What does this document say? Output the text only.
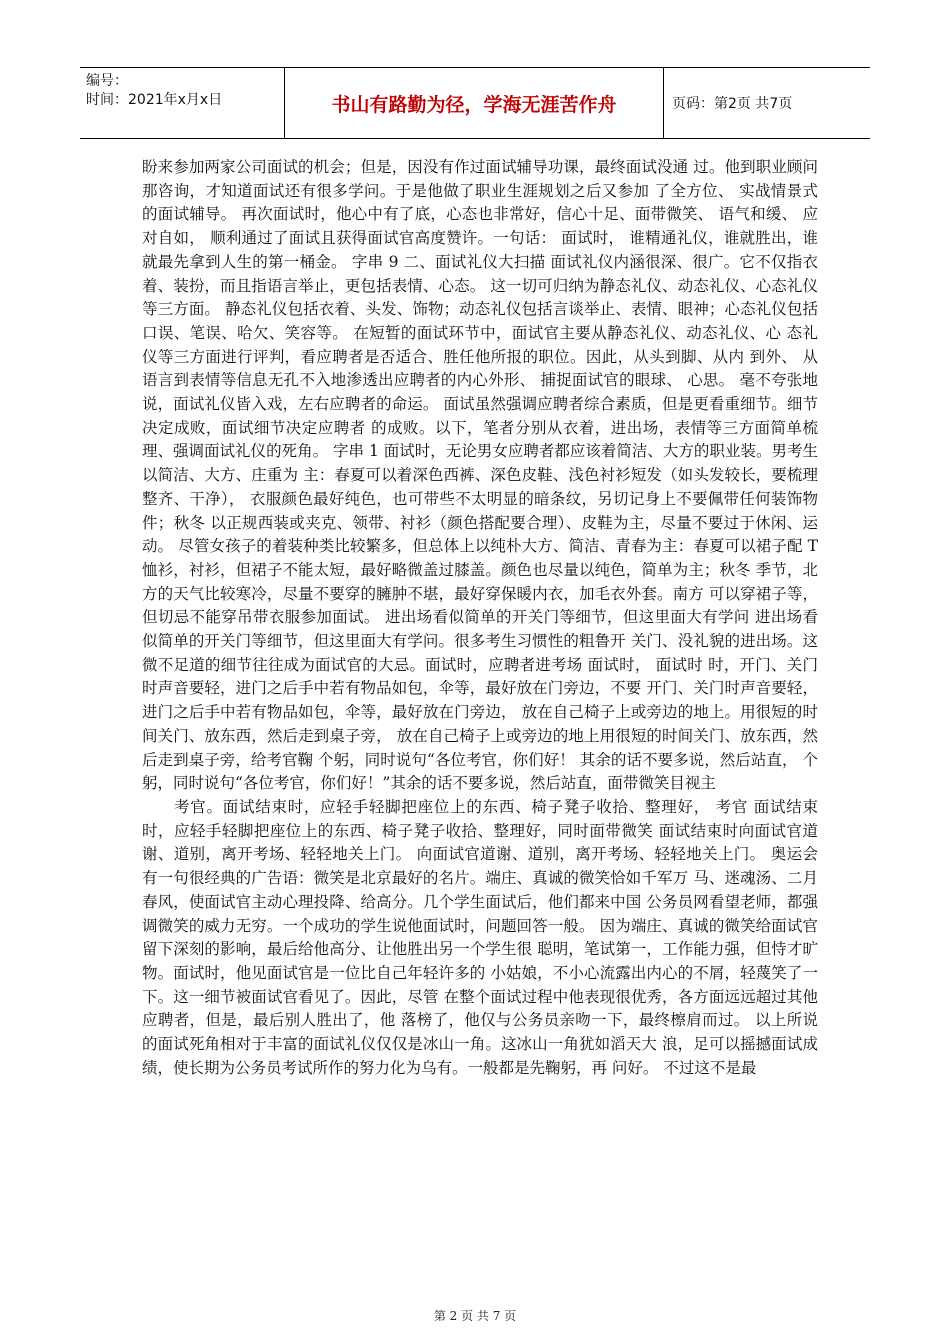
编号：
时间：2021年x月x日	书山有路勤为径，学海无涯苦作舟	页码：第2页 共7页

盼来参加两家公司面试的机会；但是，因没有作过面试辅导功课，最终面试没通 过。他到职业顾问那咨询，才知道面试还有很多学问。于是他做了职业生涯规划之后又参加 了全方位、 实战情景式的面试辅导。 再次面试时，他心中有了底，心态也非常好，信心十足、面带微笑、 语气和缓、 应对自如， 顺利通过了面试且获得面试官高度赞许。一句话： 面试时， 谁精通礼仪，谁就胜出，谁就最先拿到人生的第一桶金。 字串 9 二、面试礼仪大扫描 面试礼仪内涵很深、很广。它不仅指衣着、装扮，而且指语言举止，更包括表情、心态。 这一切可归纳为静态礼仪、动态礼仪、心态礼仪等三方面。 静态礼仪包括衣着、头发、饰物；动态礼仪包括言谈举止、表情、眼神；心态礼仪包括 口误、笔误、哈欠、笑容等。 在短暂的面试环节中，面试官主要从静态礼仪、动态礼仪、心 态礼仪等三方面进行评判，看应聘者是否适合、胜任他所报的职位。因此，从头到脚、从内 到外、 从语言到表情等信息无孔不入地渗透出应聘者的内心外形、 捕捉面试官的眼球、 心思。 毫不夸张地说，面试礼仪皆入戏，左右应聘者的命运。 面试虽然强调应聘者综合素质，但是更看重细节。细节决定成败，面试细节决定应聘者 的成败。以下，笔者分别从衣着，进出场，表情等三方面简单梳理、强调面试礼仪的死角。 字串 1 面试时，无论男女应聘者都应该着简洁、大方的职业装。男考生以简洁、大方、庄重为 主：春夏可以着深色西裤、深色皮鞋、浅色衬衫短发（如头发较长，要梳理整齐、干净）， 衣服颜色最好纯色，也可带些不太明显的暗条纹，另切记身上不要佩带任何装饰物件；秋冬 以正规西装或夹克、领带、衬衫（颜色搭配要合理）、皮鞋为主，尽量不要过于休闲、运动。 尽管女孩子的着装种类比较繁多，但总体上以纯朴大方、简洁、青春为主：春夏可以裙子配 T 恤衫，衬衫，但裙子不能太短，最好略微盖过膝盖。颜色也尽量以纯色，简单为主；秋冬 季节，北方的天气比较寒冷，尽量不要穿的臃肿不堪，最好穿保暖内衣，加毛衣外套。南方 可以穿裙子等，但切忌不能穿吊带衣服参加面试。 进出场看似简单的开关门等细节，但这里面大有学问 进出场看似简单的开关门等细节，但这里面大有学问。很多考生习惯性的粗鲁开 关门、没礼貌的进出场。这微不足道的细节往往成为面试官的大忌。面试时，应聘者进考场 面试时， 面试时 时，开门、关门时声音要轻，进门之后手中若有物品如包，伞等，最好放在门旁边，不要 开门、关门时声音要轻，进门之后手中若有物品如包，伞等，最好放在门旁边， 放在自己椅子上或旁边的地上。用很短的时间关门、放东西，然后走到桌子旁， 放在自己椅子上或旁边的地上用很短的时间关门、放东西，然后走到桌子旁，给考官鞠 个躬，同时说句“各位考官，你们好！ 其余的话不要多说，然后站直， 个躬，同时说句“各位考官，你们好！”其余的话不要多说，然后站直，面带微笑目视主

考官。面试结束时，应轻手轻脚把座位上的东西、椅子凳子收拾、整理好， 考官 面试结束时，应轻手轻脚把座位上的东西、椅子凳子收拾、整理好，同时面带微笑 面试结束时向面试官道谢、道别，离开考场、轻轻地关上门。 向面试官道谢、道别，离开考场、轻轻地关上门。 奥运会有一句很经典的广告语：微笑是北京最好的名片。端庄、真诚的微笑恰如千军万 马、迷魂汤、二月春风，使面试官主动心理投降、给高分。几个学生面试后，他们都来中国 公务员网看望老师，都强调微笑的威力无穷。一个成功的学生说他面试时，问题回答一般。 因为端庄、真诚的微笑给面试官留下深刻的影响，最后给他高分、让他胜出另一个学生很 聪明，笔试第一，工作能力强，但恃才旷物。面试时，他见面试官是一位比自己年轻许多的 小姑娘，不小心流露出内心的不屑，轻蔑笑了一下。这一细节被面试官看见了。因此，尽管 在整个面试过程中他表现很优秀，各方面远远超过其他应聘者，但是，最后别人胜出了，他 落榜了，他仅与公务员亲吻一下，最终檫肩而过。 以上所说的面试死角相对于丰富的面试礼仪仅仅是冰山一角。这冰山一角犹如滔天大 浪，足可以摇撼面试成绩，使长期为公务员考试所作的努力化为乌有。一般都是先鞠躬，再 问好。 不过这不是最

第 2 页 共 7 页
